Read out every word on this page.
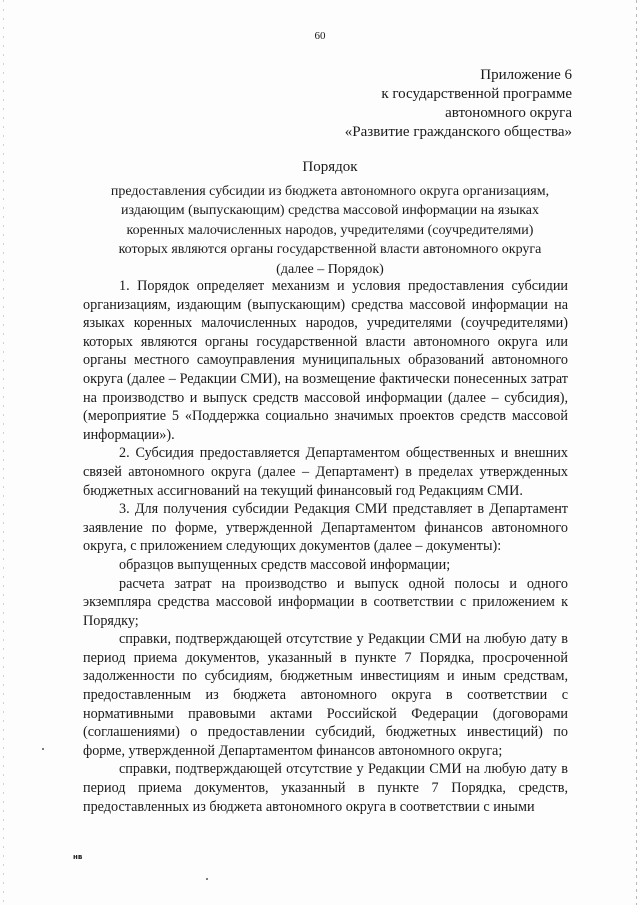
60
Приложение 6
к государственной программе
автономного округа
«Развитие гражданского общества»
Порядок
предоставления субсидии из бюджета автономного округа организациям,
издающим (выпускающим) средства массовой информации на языках
коренных малочисленных народов, учредителями (соучредителями)
которых являются органы государственной власти автономного округа
(далее – Порядок)

1. Порядок определяет механизм и условия предоставления субсидии организациям, издающим (выпускающим) средства массовой информации на языках коренных малочисленных народов, учредителями (соучредителями) которых являются органы государственной власти автономного округа или органы местного самоуправления муниципальных образований автономного округа (далее – Редакции СМИ), на возмещение фактически понесенных затрат на производство и выпуск средств массовой информации (далее – субсидия), (мероприятие 5 «Поддержка социально значимых проектов средств массовой информации»).

2. Субсидия предоставляется Департаментом общественных и внешних связей автономного округа (далее – Департамент) в пределах утвержденных бюджетных ассигнований на текущий финансовый год Редакциям СМИ.

3. Для получения субсидии Редакция СМИ представляет в Департамент заявление по форме, утвержденной Департаментом финансов автономного округа, с приложением следующих документов (далее – документы):

образцов выпущенных средств массовой информации;

расчета затрат на производство и выпуск одной полосы и одного экземпляра средства массовой информации в соответствии с приложением к Порядку;

справки, подтверждающей отсутствие у Редакции СМИ на любую дату в период приема документов, указанный в пункте 7 Порядка, просроченной задолженности по субсидиям, бюджетным инвестициям и иным средствам, предоставленным из бюджета автономного округа в соответствии с нормативными правовыми актами Российской Федерации (договорами (соглашениями) о предоставлении субсидий, бюджетных инвестиций) по форме, утвержденной Департаментом финансов автономного округа;

справки, подтверждающей отсутствие у Редакции СМИ на любую дату в период приема документов, указанный в пункте 7 Порядка, средств, предоставленных из бюджета автономного округа в соответствии с иными

нв
